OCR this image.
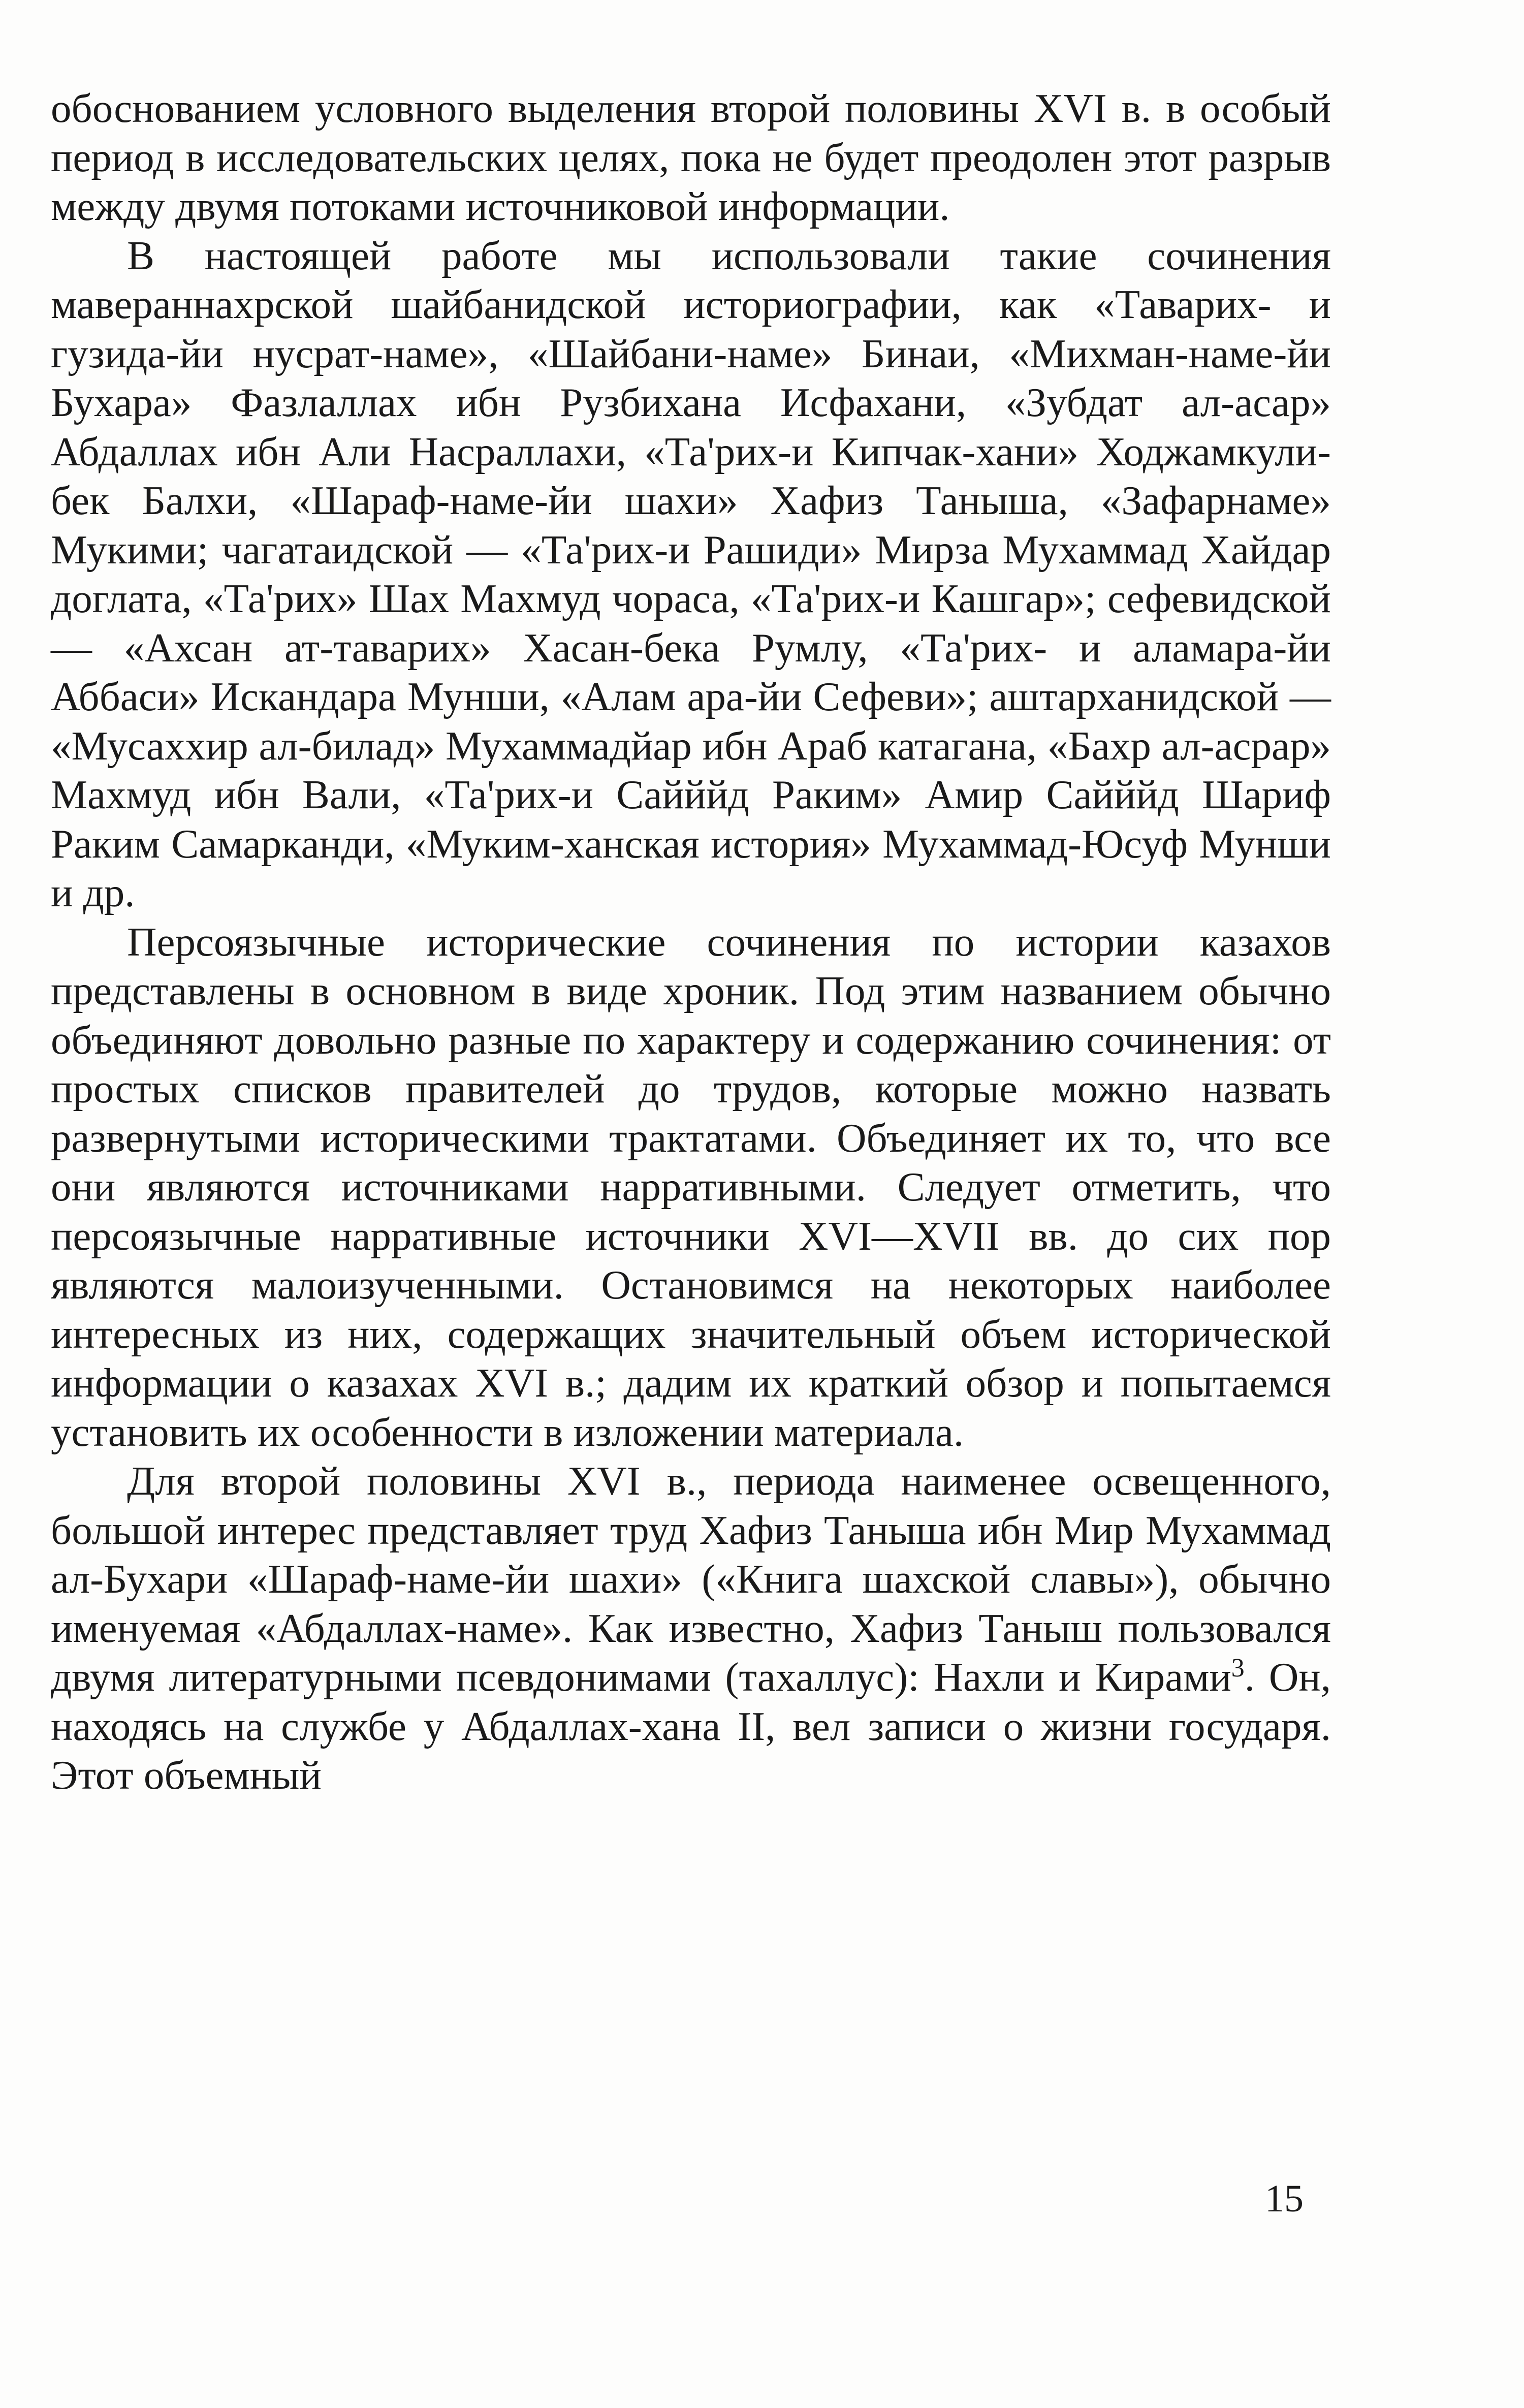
обоснованием условного выделения второй половины XVI в. в особый период в исследовательских целях, пока не будет преодолен этот разрыв между двумя потоками источниковой информации.

В настоящей работе мы использовали такие сочинения мавераннахрской шайбанидской историографии, как «Таварих- и гузида-йи нусрат-наме», «Шайбани-наме» Бинаи, «Михман-наме-йи Бухара» Фазлаллах ибн Рузбихана Исфахани, «Зубдат ал-асар» Абдаллах ибн Али Насраллахи, «Та'рих-и Кипчак-хани» Ходжамкули-бек Балхи, «Шараф-наме-йи шахи» Хафиз Таныша, «Зафарнаме» Мукими; чагатаидской — «Та'рих-и Рашиди» Мирза Мухаммад Хайдар доглата, «Та'рих» Шах Махмуд чораса, «Та'рих-и Кашгар»; сефевидской — «Ахсан ат-таварих» Хасан-бека Румлу, «Та'рих- и аламара-йи Аббаси» Искандара Мунши, «Алам ара-йи Сефеви»; аштарханидской — «Мусаххир ал-билад» Мухаммадйар ибн Араб катагана, «Бахр ал-асрар» Махмуд ибн Вали, «Та'рих-и Сайййд Раким» Амир Сайййд Шариф Раким Самарканди, «Муким-ханская история» Мухаммад-Юсуф Мунши и др.

Персоязычные исторические сочинения по истории казахов представлены в основном в виде хроник. Под этим названием обычно объединяют довольно разные по характеру и содержанию сочинения: от простых списков правителей до трудов, которые можно назвать развернутыми историческими трактатами. Объединяет их то, что все они являются источниками нарративными. Следует отметить, что персоязычные нарративные источники XVI—XVII вв. до сих пор являются малоизученными. Остановимся на некоторых наиболее интересных из них, содержащих значительный объем исторической информации о казахах XVI в.; дадим их краткий обзор и попытаемся установить их особенности в изложении материала.

Для второй половины XVI в., периода наименее освещенного, большой интерес представляет труд Хафиз Таныша ибн Мир Мухаммад ал-Бухари «Шараф-наме-йи шахи» («Книга шахской славы»), обычно именуемая «Абдаллах-наме». Как известно, Хафиз Таныш пользовался двумя литературными псевдонимами (тахаллус): Нахли и Кирами$^3$. Он, находясь на службе у Абдаллах-хана II, вел записи о жизни государя. Этот объемный

15
